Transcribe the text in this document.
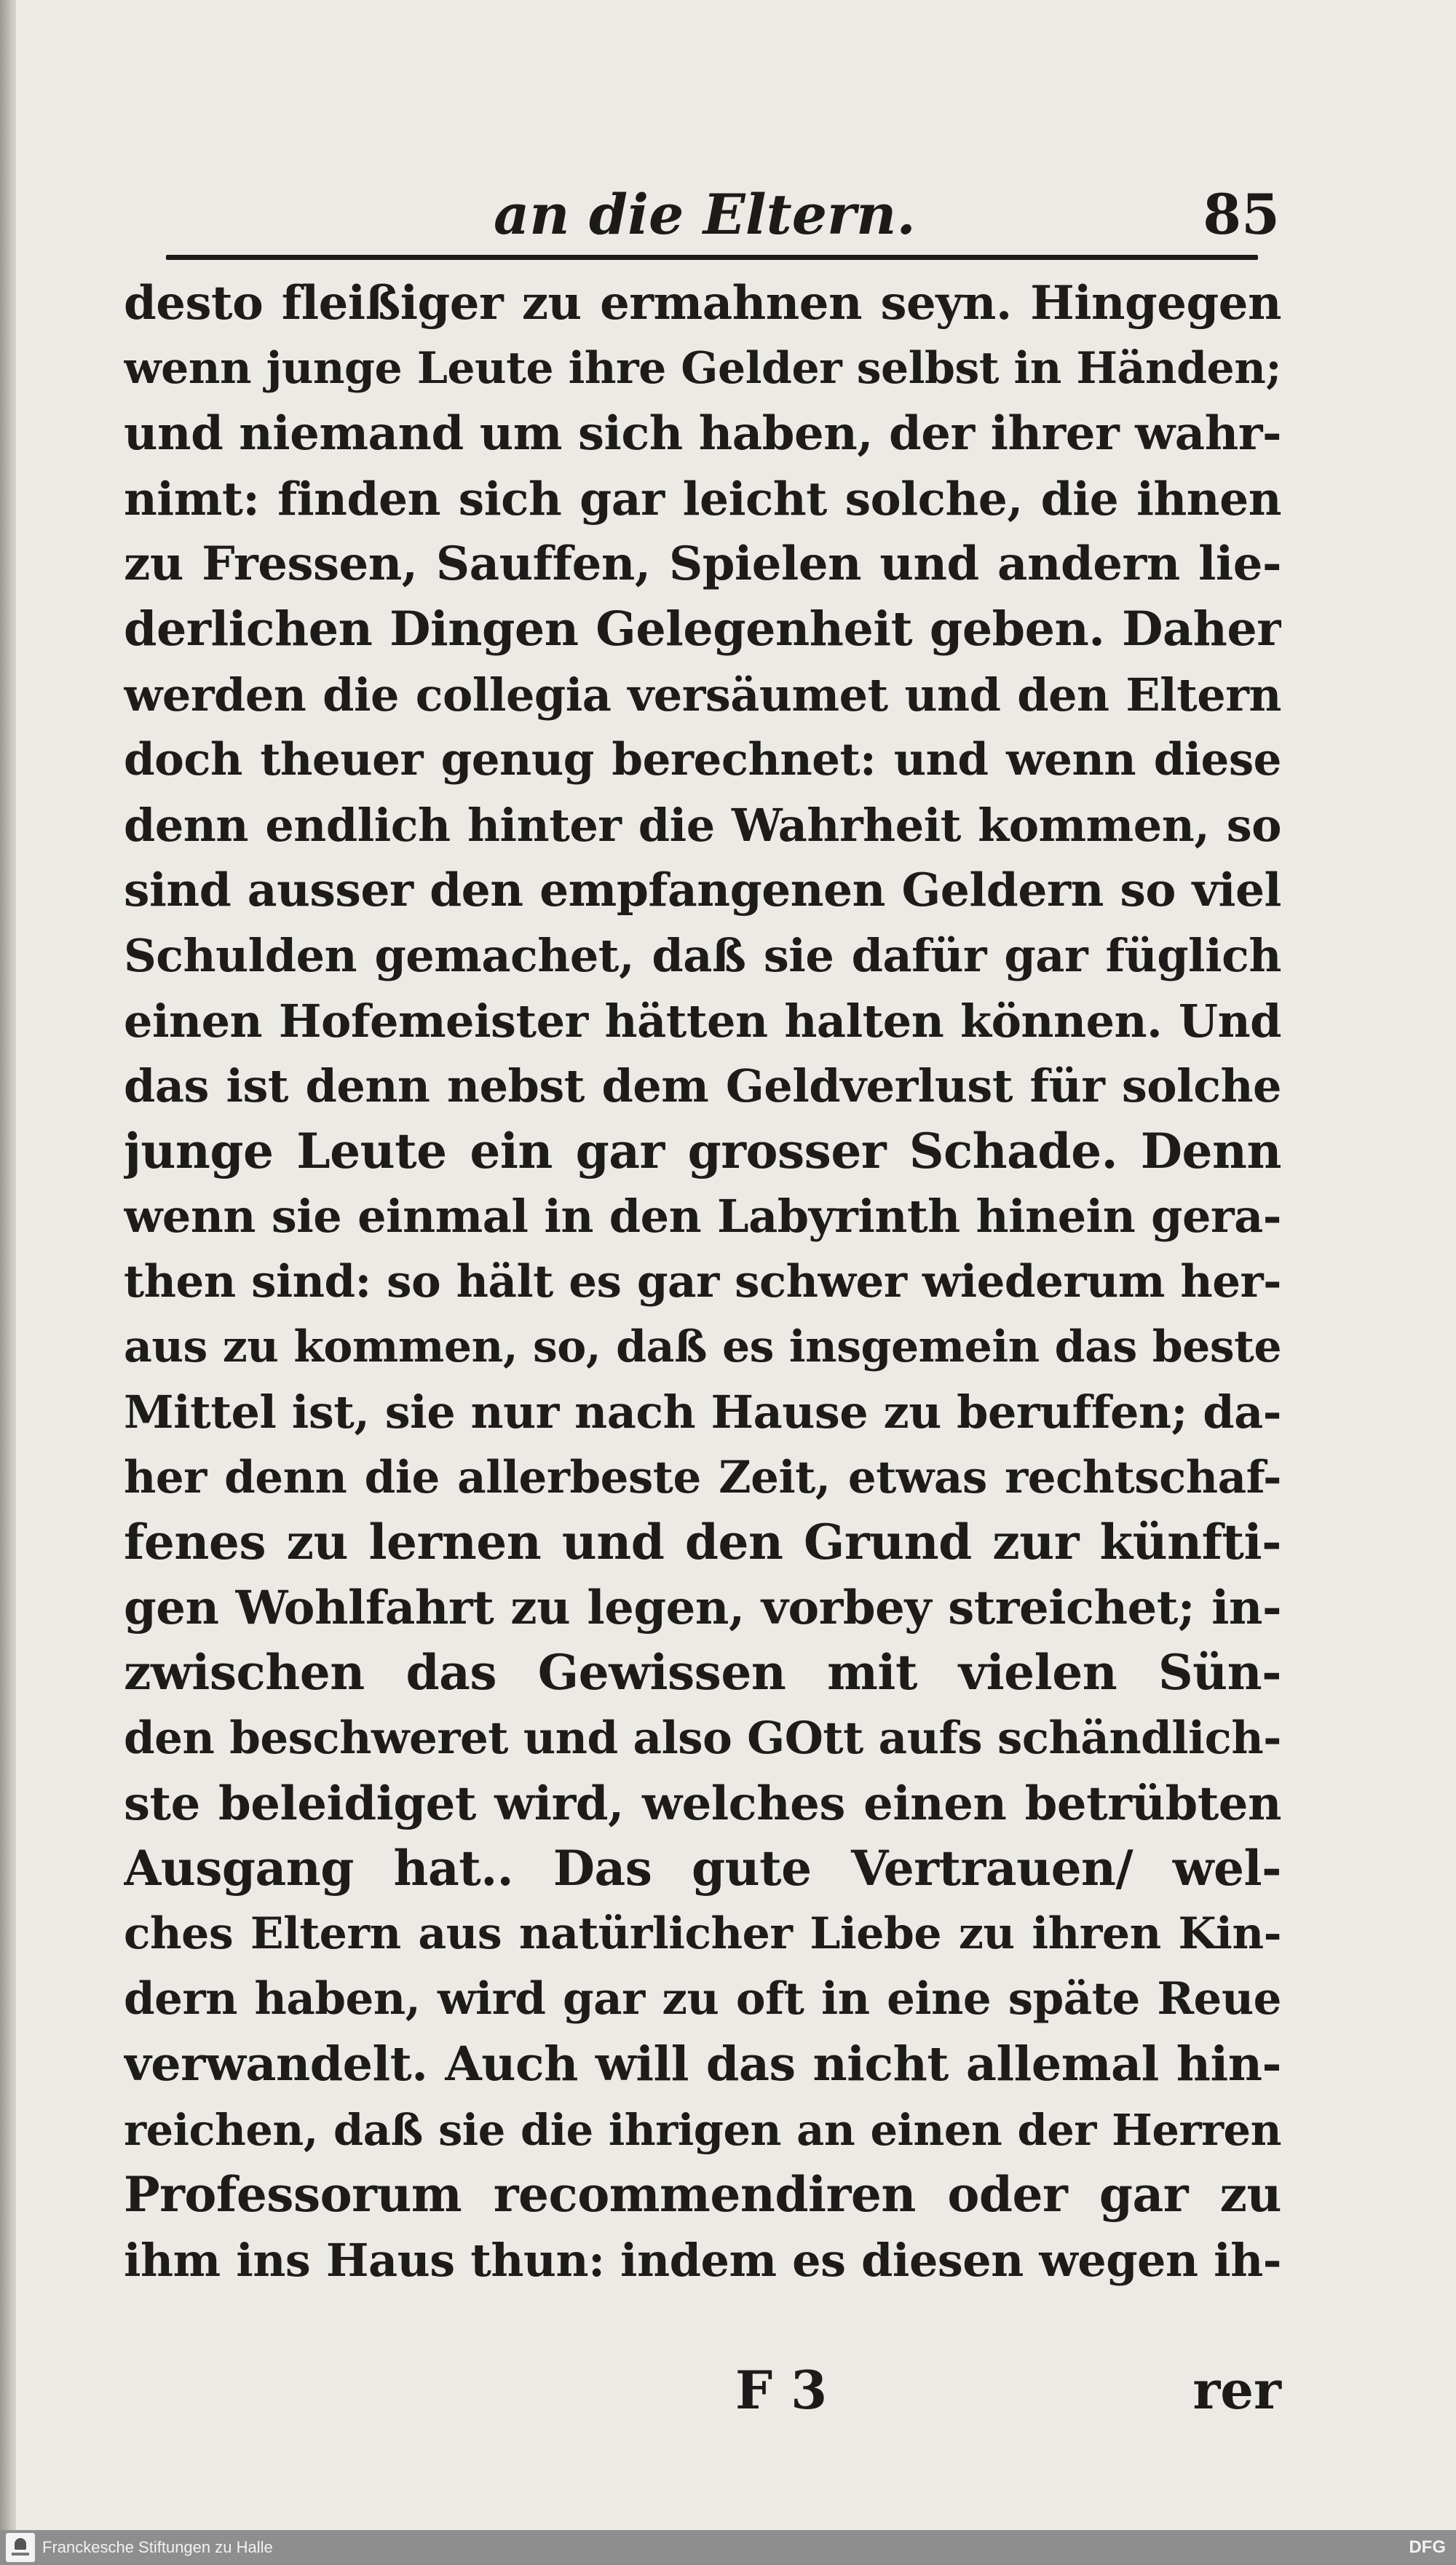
an die Eltern.	85
desto fleißiger zu ermahnen seyn. Hingegen
wenn junge Leute ihre Gelder selbst in Händen;
und niemand um sich haben, der ihrer wahr-
nimt: finden sich gar leicht solche, die ihnen
zu Fressen, Sauffen, Spielen und andern lie-
derlichen Dingen Gelegenheit geben. Daher
werden die collegia versäumet und den Eltern
doch theuer genug berechnet: und wenn diese
denn endlich hinter die Wahrheit kommen, so
sind ausser den empfangenen Geldern so viel
Schulden gemachet, daß sie dafür gar füglich
einen Hofemeister hätten halten können. Und
das ist denn nebst dem Geldverlust für solche
junge Leute ein gar grosser Schade. Denn
wenn sie einmal in den Labyrinth hinein gera-
then sind: so hält es gar schwer wiederum her-
aus zu kommen, so, daß es insgemein das beste
Mittel ist, sie nur nach Hause zu beruffen; da-
her denn die allerbeste Zeit, etwas rechtschaf-
fenes zu lernen und den Grund zur künfti-
gen Wohlfahrt zu legen, vorbey streichet; in-
zwischen das Gewissen mit vielen Sün-
den beschweret und also GOtt aufs schändlich-
ste beleidiget wird, welches einen betrübten
Ausgang hat.. Das gute Vertrauen/ wel-
ches Eltern aus natürlicher Liebe zu ihren Kin-
dern haben, wird gar zu oft in eine späte Reue
verwandelt. Auch will das nicht allemal hin-
reichen, daß sie die ihrigen an einen der Herren
Professorum recommendiren oder gar zu
ihm ins Haus thun: indem es diesen wegen ih-
F 3	rer
Franckesche Stiftungen zu Halle	DFG
